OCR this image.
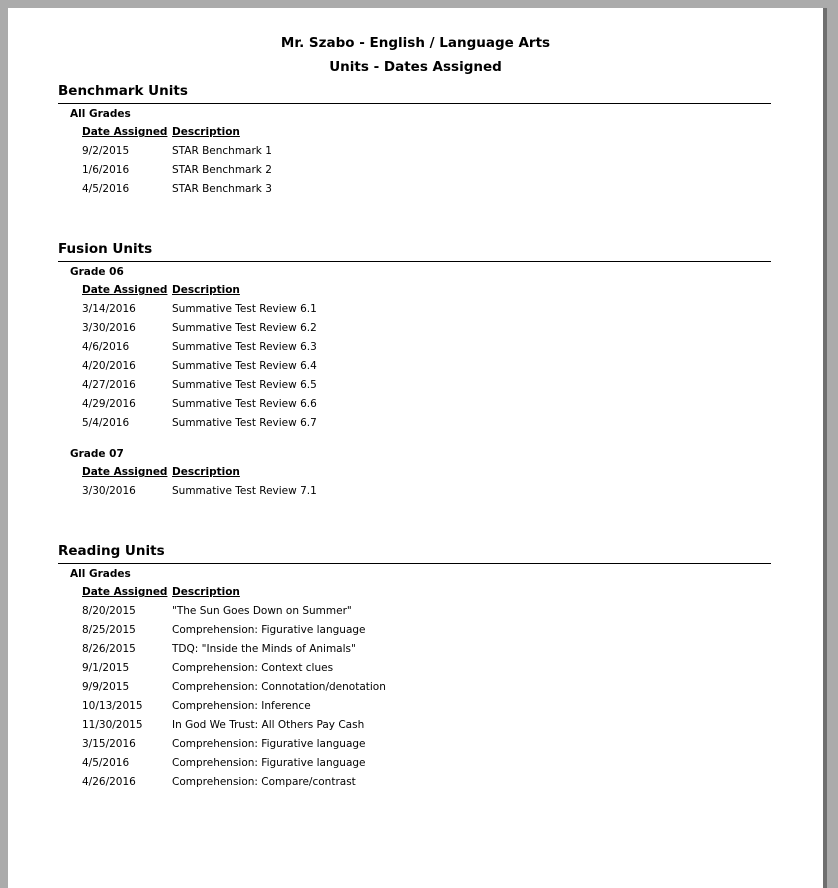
Mr. Szabo - English / Language Arts
Units - Dates Assigned
Benchmark Units
All Grades
Date Assigned Description
9/2/2015	STAR Benchmark 1
1/6/2016	STAR Benchmark 2
4/5/2016	STAR Benchmark 3
Fusion Units
Grade 06
Date Assigned Description
3/14/2016	Summative Test Review 6.1
3/30/2016	Summative Test Review 6.2
4/6/2016	Summative Test Review 6.3
4/20/2016	Summative Test Review 6.4
4/27/2016	Summative Test Review 6.5
4/29/2016	Summative Test Review 6.6
5/4/2016	Summative Test Review 6.7
Grade 07
Date Assigned Description
3/30/2016	Summative Test Review 7.1
Reading Units
All Grades
Date Assigned Description
8/20/2015	"The Sun Goes Down on Summer"
8/25/2015	Comprehension: Figurative language
8/26/2015	TDQ: "Inside the Minds of Animals"
9/1/2015	Comprehension: Context clues
9/9/2015	Comprehension: Connotation/denotation
10/13/2015	Comprehension: Inference
11/30/2015	In God We Trust: All Others Pay Cash
3/15/2016	Comprehension: Figurative language
4/5/2016	Comprehension: Figurative language
4/26/2016	Comprehension: Compare/contrast
